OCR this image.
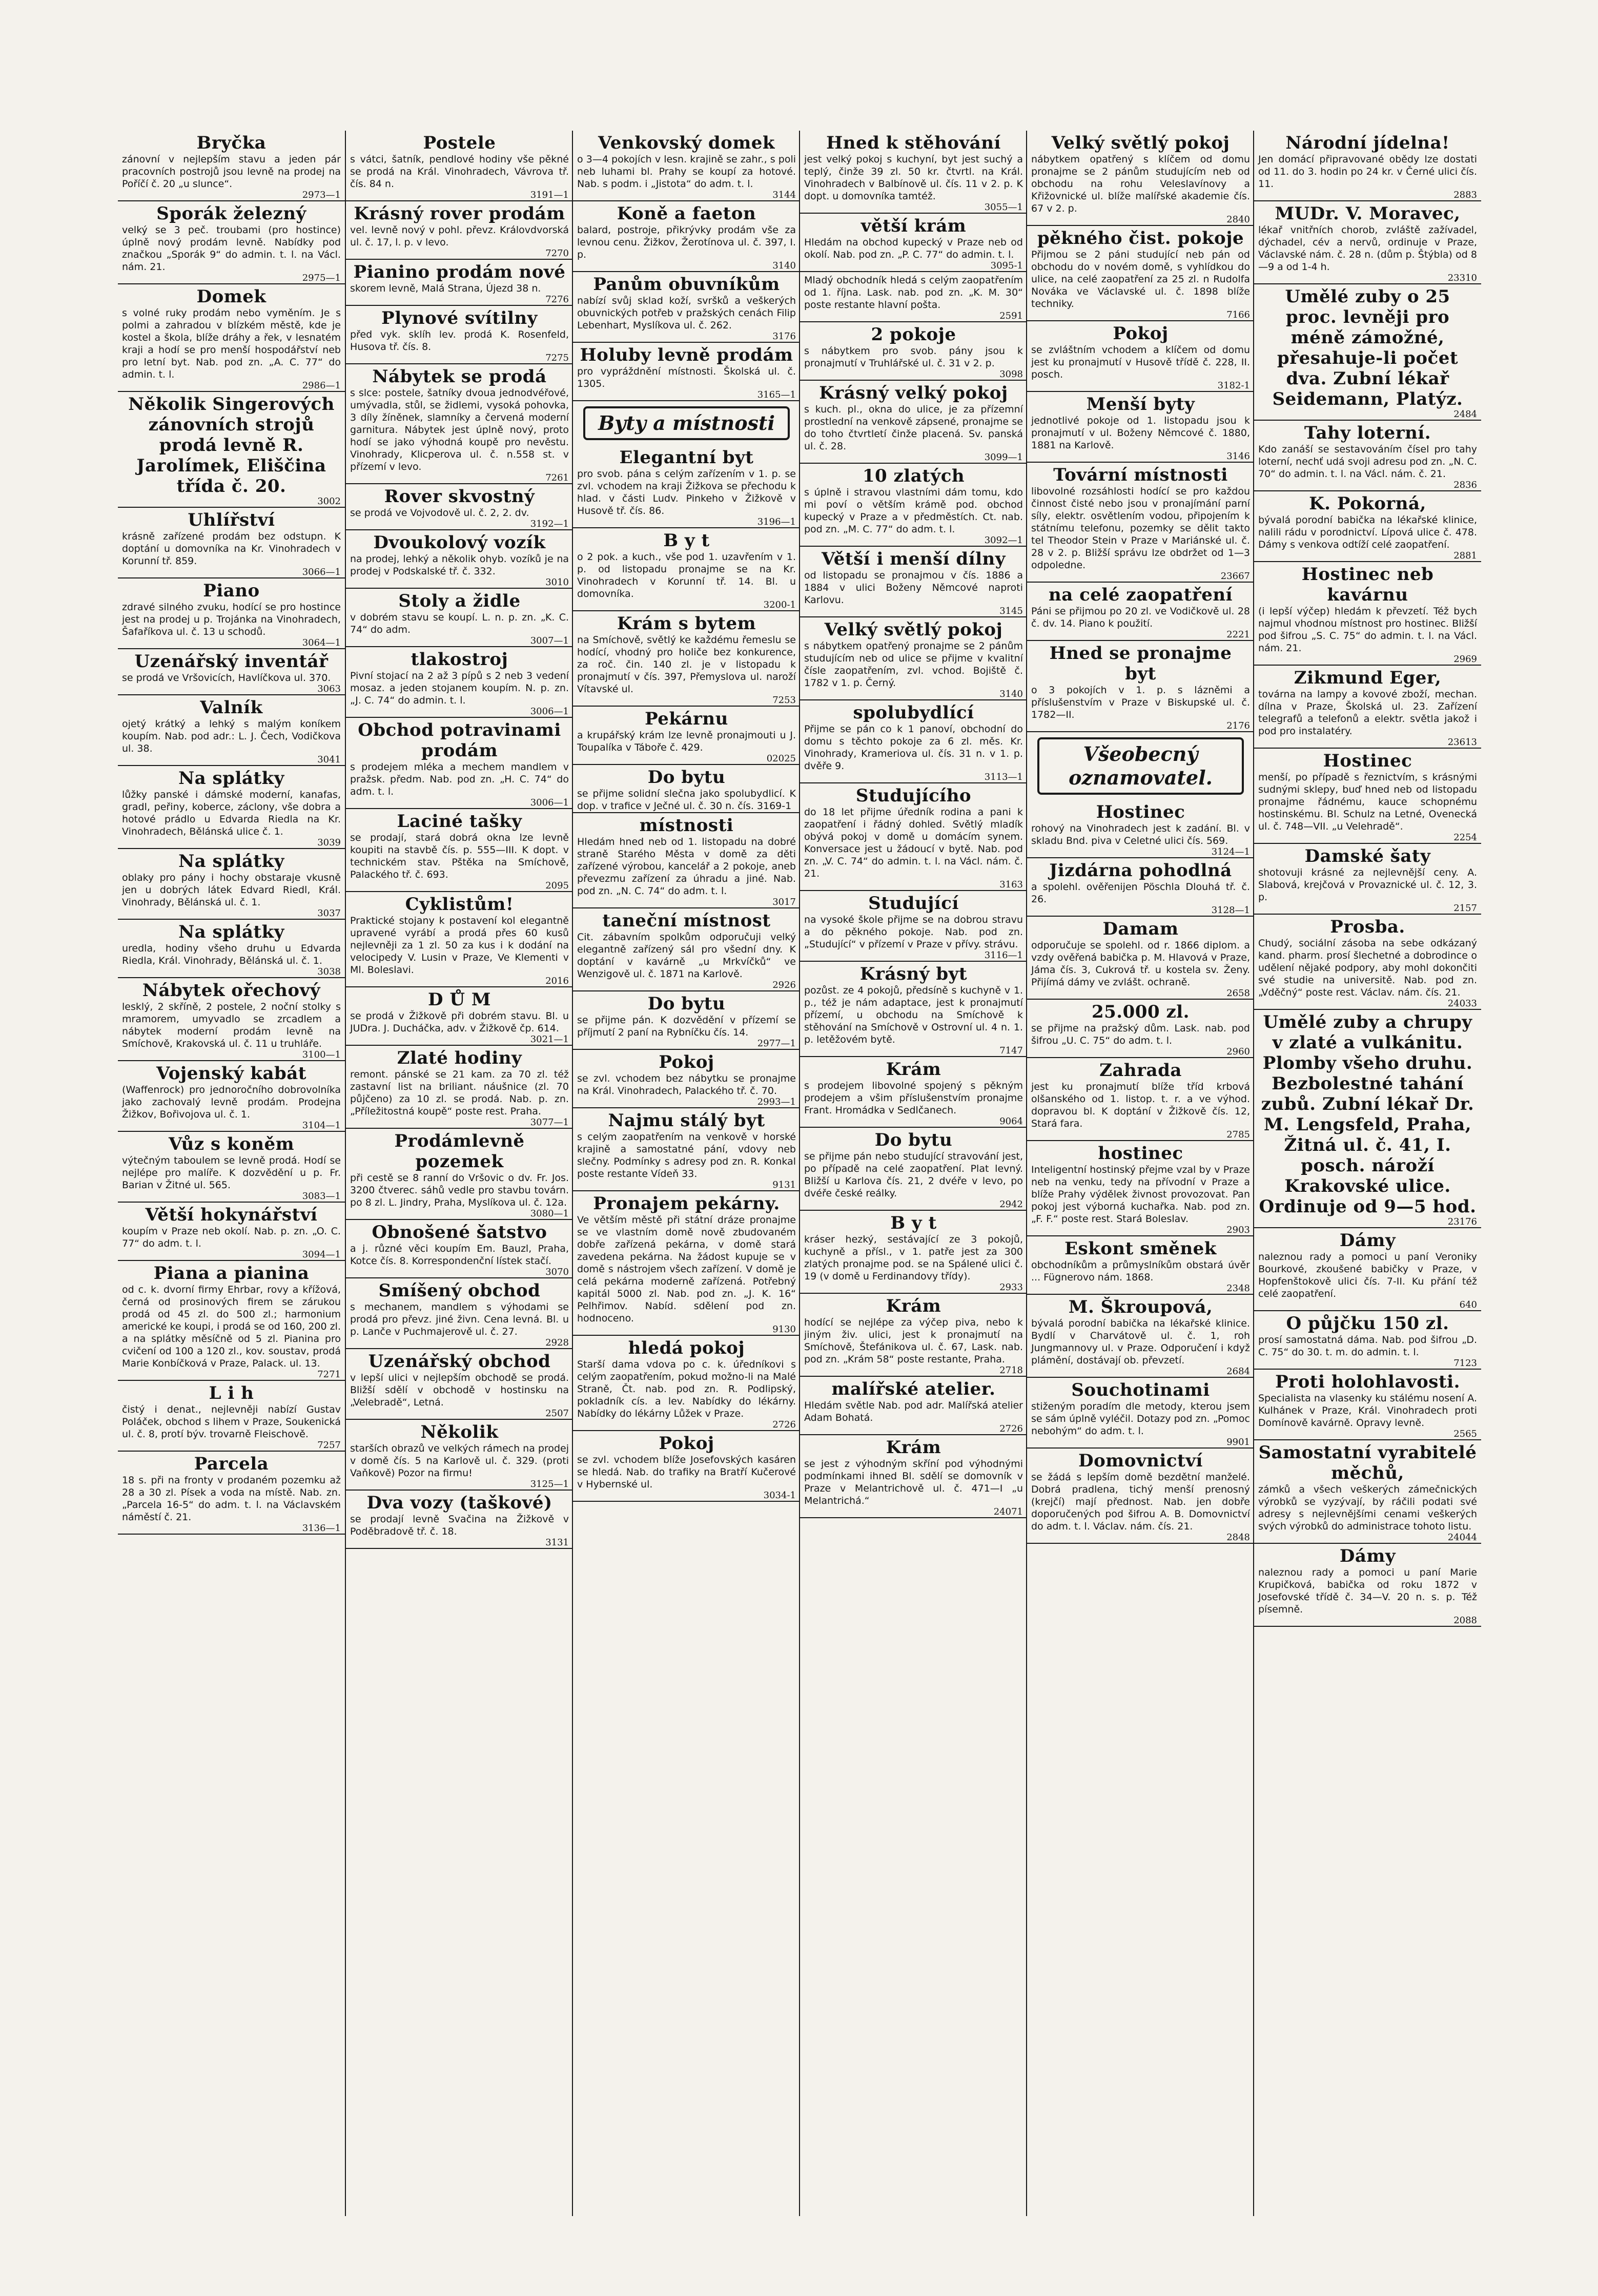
Bryčka
zánovní v nejlepším stavu a jeden pár pracovních postrojů jsou levně na prodej na Poříčí č. 20 „u slunce“.
2973—1
Sporák železný
velký se 3 peč. troubami (pro hostince) úplně nový prodám levně. Nabídky pod značkou „Sporák 9“ do admin. t. l. na Václ. nám. 21.
2975—1
Domek
s volné ruky prodám nebo vyměním. Je s polmi a zahradou v blízkém městě, kde je kostel a škola, blíže dráhy a řek, v lesnatém kraji a hodí se pro menší hospodářství neb pro letní byt. Nab. pod zn. „A. C. 77“ do admin. t. l.
2986—1
Několik Singerových zánovních strojů prodá levně R. Jarolímek, Eliščina třída č. 20.
3002
Uhlířství
krásně zařízené prodám bez odstupn. K doptání u domovníka na Kr. Vinohradech v Korunní tř. 859.
3066—1
Piano
zdravé silného zvuku, hodící se pro hostince jest na prodej u p. Trojánka na Vinohradech, Šafaříkova ul. č. 13 u schodů.
3064—1
Uzenářský inventář
se prodá ve Vršovicích, Havlíčkova ul. 370.
3063
Valník
ojetý krátký a lehký s malým koníkem koupím. Nab. pod adr.: L. J. Čech, Vodičkova ul. 38.
3041
Na splátky
lůžky panské i dámské moderní, kanafas, gradl, peřiny, koberce, záclony, vše dobra a hotové prádlo u Edvarda Riedla na Kr. Vinohradech, Bělánská ulice č. 1.
3039
Na splátky
oblaky pro pány i hochy obstaraje vkusně jen u dobrých látek Edvard Riedl, Král. Vinohrady, Bělánská ul. č. 1.
3037
Na splátky
uredla, hodiny všeho druhu u Edvarda Riedla, Král. Vinohrady, Bělánská ul. č. 1.
3038
Nábytek ořechový
lesklý, 2 skříně, 2 postele, 2 noční stolky s mramorem, umyvadlo se zrcadlem a nábytek moderní prodám levně na Smíchově, Krakovská ul. č. 11 u truhláře.
3100—1
Vojenský kabát
(Waffenrock) pro jednoročního dobrovolníka jako zachovalý levně prodám. Prodejna Žižkov, Bořivojova ul. č. 1.
3104—1
Vůz s koněm
výtečným taboulem se levně prodá. Hodí se nejlépe pro malíře. K dozvědění u p. Fr. Barian v Žitné ul. 565.
3083—1
Větší hokynářství
koupím v Praze neb okolí. Nab. p. zn. „O. C. 77“ do adm. t. l.
3094—1
Piana a pianina
od c. k. dvorní firmy Ehrbar, rovy a křížová, černá od prosinových firem se zárukou prodá od 45 zl. do 500 zl.; harmonium americké ke koupi, i prodá se od 160, 200 zl. a na splátky měsíčně od 5 zl. Pianina pro cvičení od 100 a 120 zl., kov. soustav, prodá Marie Konbíčková v Praze, Palack. ul. 13.
7271
L i h
čistý i denat., nejlevněji nabízí Gustav Poláček, obchod s lihem v Praze, Soukenická ul. č. 8, protí býv. trovarně Fleischově.
7257
Parcela
18 s. při na fronty v prodaném pozemku až 28 a 30 zl. Písek a voda na místě. Nab. zn. „Parcela 16-5“ do adm. t. l. na Václavském náměstí č. 21.
3136—1
Postele
s vátci, šatník, pendlové hodiny vše pěkné se prodá na Král. Vinohradech, Vávrova tř. čís. 84 n.
3191—1
Krásný rover prodám
vel. levně nový v pohl. převz. Královdvorská ul. č. 17, l. p. v levo.
7270
Pianino prodám nové
skorem levně, Malá Strana, Újezd 38 n.
7276
Plynové svítilny
před vyk. sklíh lev. prodá K. Rosenfeld, Husova tř. čís. 8.
7275
Nábytek se prodá
s slce: postele, šatníky dvoua jednodvéřové, umývadla, stůl, se židlemi, vysoká pohovka, 3 díly žíněnek, slamníky a červená moderní garnitura. Nábytek jest úplně nový, proto hodí se jako výhodná koupě pro nevěstu. Vinohrady, Klicperova ul. č. n.558 st. v přízemí v levo.
7261
Rover skvostný
se prodá ve Vojvodově ul. č. 2, 2. dv.
3192—1
Dvoukolový vozík
na prodej, lehký a několik ohyb. vozíků je na prodej v Podskalské tř. č. 332.
3010
Stoly a židle
v dobrém stavu se koupí. L. n. p. zn. „K. C. 74“ do adm.
3007—1
tlakostroj
Pivní stojací na 2 až 3 pípů s 2 neb 3 vedení mosaz. a jeden stojanem koupím. N. p. zn. „J. C. 74“ do admin. t. l.
3006—1
Obchod potravinami prodám
s prodejem mléka a mechem mandlem v pražsk. předm. Nab. pod zn. „H. C. 74“ do adm. t. l.
3006—1
Laciné tašky
se prodají, stará dobrá okna lze levně koupiti na stavbě čís. p. 555—III. K dopt. v technickém stav. Pštěka na Smíchově, Palackého tř. č. 693.
2095
Cyklistům!
Praktické stojany k postavení kol elegantně upravené vyrábí a prodá přes 60 kusů nejlevněji za 1 zl. 50 za kus i k dodání na velocipedy V. Lusin v Praze, Ve Klementi v Ml. Boleslavi.
2016
D Ů M
se prodá v Žižkově při dobrém stavu. Bl. u JUDra. J. Ducháčka, adv. v Žižkově čp. 614.
3021—1
Zlaté hodiny
remont. pánské se 21 kam. za 70 zl. též zastavní list na briliant. náušnice (zl. 70 půjčeno) za 10 zl. se prodá. Nab. p. zn. „Příležitostná koupě“ poste rest. Praha.
3077—1
Prodámlevně pozemek
při cestě se 8 ranní do Vršovic o dv. Fr. Jos. 3200 čtverec. sáhů vedle pro stavbu továrn. po 8 zl. L. Jindry, Praha, Myslíkova ul. č. 12a.
3080—1
Obnošené šatstvo
a j. různé věci koupím Em. Bauzl, Praha, Kotce čís. 8. Korrespondenční lístek stačí.
3070
Smíšený obchod
s mechanem, mandlem s výhodami se prodá pro převz. jiné živn. Cena levná. Bl. u p. Lanče v Puchmajerově ul. č. 27.
2928
Uzenářský obchod
v lepší ulici v nejlepším obchodě se prodá. Bližší sdělí v obchodě v hostinsku na „Velebradě“, Letná.
2507
Několik
starších obrazů ve velkých rámech na prodej v domě čís. 5 na Karlově ul. č. 329. (proti Vaňkově) Pozor na firmu!
3125—1
Dva vozy (taškové)
se prodají levně Svačina na Žižkově v Poděbradově tř. č. 18.
3131
Venkovský domek
o 3—4 pokojích v lesn. krajině se zahr., s poli neb luhami bl. Prahy se koupí za hotové. Nab. s podm. i „Jistota“ do adm. t. l.
3144
Koně a faeton
balard, postroje, přikrývky prodám vše za levnou cenu. Žižkov, Žerotínova ul. č. 397, I. p.
3140
Panům obuvníkům
nabízí svůj sklad koží, svršků a veškerých obuvnických potřeb v pražských cenách Filip Lebenhart, Myslíkova ul. č. 262.
3176
Holuby levně prodám
pro vypráždnění místnosti. Školská ul. č. 1305.
3165—1
Byty a místnosti
Elegantní byt
pro svob. pána s celým zařízením v 1. p. se zvl. vchodem na kraji Žižkova se přechodu k hlad. v části Ludv. Pinkeho v Žižkově v Husově tř. čís. 86.
3196—1
B y t
o 2 pok. a kuch., vše pod 1. uzavřením v 1. p. od listopadu pronajme se na Kr. Vinohradech v Korunní tř. 14. Bl. u domovníka.
3200-1
Krám s bytem
na Smíchově, světlý ke každému řemeslu se hodící, vhodný pro holiče bez konkurence, za roč. čin. 140 zl. je v listopadu k pronajmutí v čís. 397, Přemyslova ul. naroží Vítavské ul.
7253
Pekárnu
a krupářský krám lze levně pronajmouti u J. Toupalíka v Táboře č. 429.
02025
Do bytu
se přijme solidní slečna jako spolubydlicí. K dop. v trafice v Ječné ul. č. 30 n. čís. 3169-1
místnosti
Hledám hned neb od 1. listopadu na dobré straně Starého Města v domě za děti zařízené výrobou, kancelář a 2 pokoje, aneb převezmu zařízení za úhradu a jiné. Nab. pod zn. „N. C. 74“ do adm. t. l.
3017
taneční místnost
Cit. zábavním spolkům odporučuji velký elegantně zařízený sál pro všední dny. K doptání v kavárně „u Mrkvíčků“ ve Wenzigově ul. č. 1871 na Karlově.
2926
Do bytu
se přijme pán. K dozvědění v přízemí se příjmutí 2 paní na Rybníčku čís. 14.
2977—1
Pokoj
se zvl. vchodem bez nábytku se pronajme na Král. Vinohradech, Palackého tř. č. 70.
2993—1
Najmu stálý byt
s celým zaopatřením na venkově v horské krajině a samostatné pání, vdovy neb slečny. Podmínky s adresy pod zn. R. Konkal poste restante Vídeň 33.
9131
Pronajem pekárny.
Ve větším městě při státní dráze pronajme se ve vlastním domě nově zbudovaném dobře zařízená pekárna, v domě stará zavedena pekárna. Na žádost kupuje se v domě s nástrojem všech zařízení. V domě je celá pekárna moderně zařízená. Potřebný kapitál 5000 zl. Nab. pod zn. „J. K. 16“ Pelhřimov. Nabíd. sdělení pod zn. hodnoceno.
9130
hledá pokoj
Starší dama vdova po c. k. úředníkovi s celým zaopatřením, pokud možno-li na Malé Straně, Čt. nab. pod zn. R. Podlipský, pokladník cís. a lev. Nabídky do lékárny. Nabídky do lékárny Lůžek v Praze.
2726
Pokoj
se zvl. vchodem blíže Josefovských kasáren se hledá. Nab. do trafiky na Bratří Kučerové v Hybernské ul.
3034-1
Hned k stěhování
jest velký pokoj s kuchyní, byt jest suchý a teplý, činže 39 zl. 50 kr. čtvrtl. na Král. Vinohradech v Balbínově ul. čís. 11 v 2. p. K dopt. u domovníka tamtéž.
3055—1
větší krám
Hledám na obchod kupecký v Praze neb od okolí. Nab. pod zn. „P. C. 77“ do admin. t. l.
3095-1
Mladý obchodník hledá s celým zaopatřením od 1. října. Lask. nab. pod zn. „K. M. 30“ poste restante hlavní pošta.
2591
2 pokoje
s nábytkem pro svob. pány jsou k pronajmutí v Truhlářské ul. č. 31 v 2. p.
3098
Krásný velký pokoj
s kuch. pl., okna do ulice, je za přízemní prostlední na venkově zápsené, pronajme se do toho čtvrtletí činže placená. Sv. panská ul. č. 28.
3099—1
10 zlatých
s úplně i stravou vlastními dám tomu, kdo mi poví o větším krámě pod. obchod kupecký v Praze a v předměstích. Ct. nab. pod zn. „M. C. 77“ do adm. t. l.
3092—1
Větší i menší dílny
od listopadu se pronajmou v čís. 1886 a 1884 v ulici Boženy Němcové naproti Karlovu.
3145
Velký světlý pokoj
s nábytkem opatřený pronajme se 2 pánům studujícím neb od ulice se přijme v kvalitní čísle zaopatřením, zvl. vchod. Bojiště č. 1782 v 1. p. Černý.
3140
spolubydlící
Přijme se pán co k 1 panoví, obchodní do domu s těchto pokoje za 6 zl. měs. Kr. Vinohrady, Krameriova ul. čís. 31 n. v 1. p. dvěře 9.
3113—1
Studujícího
do 18 let přijme úředník rodina a pani k zaopatření i řádný dohled. Světlý mladík obývá pokoj v domě u domácím synem. Konversace jest u žádoucí v bytě. Nab. pod zn. „V. C. 74“ do admin. t. l. na Václ. nám. č. 21.
3163
Studující
na vysoké škole přijme se na dobrou stravu a do pěkného pokoje. Nab. pod zn. „Studující“ v přízemí v Praze v přívy. strávu.
3116—1
Krásný byt
pozůst. ze 4 pokojů, předsíně s kuchyně v 1. p., též je nám adaptace, jest k pronajmutí přízemí, u obchodu na Smíchově k stěhování na Smíchově v Ostrovní ul. 4 n. 1. p. letěžovém bytě.
7147
Krám
s prodejem libovolné spojený s pěkným prodejem a všim příslušenstvím pronajme Frant. Hromádka v Sedlčanech.
9064
Do bytu
se přijme pán nebo studující stravování jest, po případě na celé zaopatření. Plat levný. Bližší u Karlova čís. 21, 2 dvéře v levo, po dvéře české reálky.
2942
B y t
kráser hezký, sestávající ze 3 pokojů, kuchyně a přísl., v 1. patře jest za 300 zlatých pronajme pod. se na Spálené ulici č. 19 (v domě u Ferdinandovy třídy).
2933
Krám
hodící se nejlépe za výčep piva, nebo k jiným živ. ulici, jest k pronajmutí na Smíchově, Štefánikova ul. č. 67, Lask. nab. pod zn. „Krám 58“ poste restante, Praha.
2718
malířské atelier.
Hledám světle Nab. pod adr. Malířská atelier Adam Bohatá.
2726
Krám
se jest z výhodným skříní pod výhodnými podmínkami ihned Bl. sdělí se domovník v Praze v Melantrichově ul. č. 471—I „u Melantrichá.“
24071
Velký světlý pokoj
nábytkem opatřený s klíčem od domu pronajme se 2 pánům studujícím neb od obchodu na rohu Veleslavínovy a Křižovnické ul. blíže malířské akademie čís. 67 v 2. p.
2840
pěkného čist. pokoje
Přijmou se 2 páni studující neb pán od obchodu do v novém domě, s vyhlídkou do ulice, na celé zaopatření za 25 zl. n Rudolfa Nováka ve Václavské ul. č. 1898 blíže techniky.
7166
Pokoj
se zvláštním vchodem a klíčem od domu jest ku pronajmutí v Husově třídě č. 228, II. posch.
3182-1
Menší byty
jednotlivé pokoje od 1. listopadu jsou k pronajmutí v ul. Boženy Němcové č. 1880, 1881 na Karlově.
3146
Tovární místnosti
libovolné rozsáhlosti hodící se pro každou činnost čisté nebo jsou v pronajímání parní síly, elektr. osvětlením vodou, připojením k státnímu telefonu, pozemky se dělit takto tel Theodor Stein v Praze v Mariánské ul. č. 28 v 2. p. Bližší správu lze obdržet od 1—3 odpoledne.
23667
na celé zaopatření
Páni se přijmou po 20 zl. ve Vodičkově ul. 28 č. dv. 14. Piano k použití.
2221
Hned se pronajme byt
o 3 pokojích v 1. p. s lázněmi a příslušenstvím v Praze v Biskupské ul. č. 1782—II.
2176
Všeobecný oznamovatel.
Hostinec
rohový na Vinohradech jest k zadání. Bl. v skladu Bnd. piva v Celetné ulici čís. 569.
3124—1
Jizdárna pohodlná
a spolehl. ověřenijen Pöschla Dlouhá tř. č. 26.
3128—1
Damam
odporučuje se spolehl. od r. 1866 diplom. a vzdy ověřená babička p. M. Hlavová v Praze, Jáma čís. 3, Cukrová tř. u kostela sv. Ženy. Přijímá dámy ve zvlášt. ochraně.
2658
25.000 zl.
se přijme na pražský dům. Lask. nab. pod šifrou „U. C. 75“ do adm. t. l.
2960
Zahrada
jest ku pronajmutí blíže tříd krbová olšanského od 1. listop. t. r. a ve výhod. dopravou bl. K doptání v Žižkově čís. 12, Stará fara.
2785
hostinec
Inteligentní hostinský přejme vzal by v Praze neb na venku, tedy na přívodní v Praze a blíže Prahy výdělek živnost provozovat. Pan pokoj jest výborná kuchařka. Nab. pod zn. „F. F.“ poste rest. Stará Boleslav.
2903
Eskont směnek
obchodníkům a průmyslníkům obstará úvěr ... Fügnerovo nám. 1868.
2348
M. Škroupová,
bývalá porodní babička na lékařské klinice. Bydlí v Charvátově ul. č. 1, roh Jungmannovy ul. v Praze. Odporučení i když plámění, dostávají ob. převzetí.
2684
Souchotinami
stiženým poradím dle metody, kterou jsem se sám úplně vyléčil. Dotazy pod zn. „Pomoc nebohým“ do adm. t. l.
9901
Domovnictví
se žádá s lepším domě bezdětní manželé. Dobrá pradlena, tichý menší prenosný (krejčí) mají přednost. Nab. jen dobře doporučených pod šifrou A. B. Domovnictví do adm. t. l. Václav. nám. čís. 21.
2848
Národní jídelna!
Jen domácí připravované obědy lze dostati od 11. do 3. hodin po 24 kr. v Černé ulici čís. 11.
2883
MUDr. V. Moravec,
lékař vnitřních chorob, zvláště zažívadel, dýchadel, cév a nervů, ordinuje v Praze, Václavské nám. č. 28 n. (dům p. Štýbla) od 8—9 a od 1-4 h.
23310
Umělé zuby o 25 proc. levněji pro méně zámožné, přesahuje-li počet dva. Zubní lékař Seidemann, Platýz.
2484
Tahy loterní.
Kdo zanáší se sestavováním čísel pro tahy loterní, nechť udá svoji adresu pod zn. „N. C. 70“ do admin. t. l. na Václ. nám. č. 21.
2836
K. Pokorná,
bývalá porodní babička na lékařské klinice, nalili rádu v porodnictví. Lípová ulice č. 478. Dámy s venkova odtíží celé zaopatření.
2881
Hostinec neb kavárnu
(i lepší výčep) hledám k převzetí. Též bych najmul vhodnou místnost pro hostinec. Bližší pod šifrou „S. C. 75“ do admin. t. l. na Václ. nám. 21.
2969
Zikmund Eger,
továrna na lampy a kovové zboží, mechan. dílna v Praze, Školská ul. 23. Zařízení telegrafů a telefonů a elektr. světla jakož i pod pro instalatéry.
23613
Hostinec
menší, po případě s řeznictvím, s krásnými sudnými sklepy, buď hned neb od listopadu pronajme řádnému, kauce schopnému hostinskému. Bl. Schulz na Letné, Ovenecká ul. č. 748—VII. „u Velehradě“.
2254
Damské šaty
shotovuji krásné za nejlevnější ceny. A. Slabová, krejčová v Provaznické ul. č. 12, 3. p.
2157
Prosba.
Chudý, sociální zásoba na sebe odkázaný kand. pharm. prosí šlechetné a dobrodince o udělení nějaké podpory, aby mohl dokončiti své studie na universitě. Nab. pod zn. „Vděčný“ poste rest. Václav. nám. čís. 21.
24033
Umělé zuby a chrupy v zlaté a vulkánitu. Plomby všeho druhu. Bezbolestné tahání zubů. Zubní lékař Dr. M. Lengsfeld, Praha, Žitná ul. č. 41, I. posch. nároží Krakovské ulice. Ordinuje od 9—5 hod.
23176
Dámy
naleznou rady a pomoci u paní Veroniky Bourkové, zkoušené babičky v Praze, v Hopfenštokově ulici čís. 7-II. Ku přání též celé zaopatření.
640
O půjčku 150 zl.
prosí samostatná dáma. Nab. pod šifrou „D. C. 75“ do 30. t. m. do admin. t. l.
7123
Proti holohlavosti.
Specialista na vlasenky ku stálému nosení A. Kulhánek v Praze, Král. Vinohradech proti Domínově kavárně. Opravy levně.
2565
Samostatní vyrabitelé měchů,
zámků a všech veškerých zámečnických výrobků se vyzývají, by ráčili podati své adresy s nejlevnějšími cenami veškerých svých výrobků do administrace tohoto listu.
24044
Dámy
naleznou rady a pomoci u paní Marie Krupičková, babička od roku 1872 v Josefovské třídě č. 34—V. 20 n. s. p. Též písemně.
2088
